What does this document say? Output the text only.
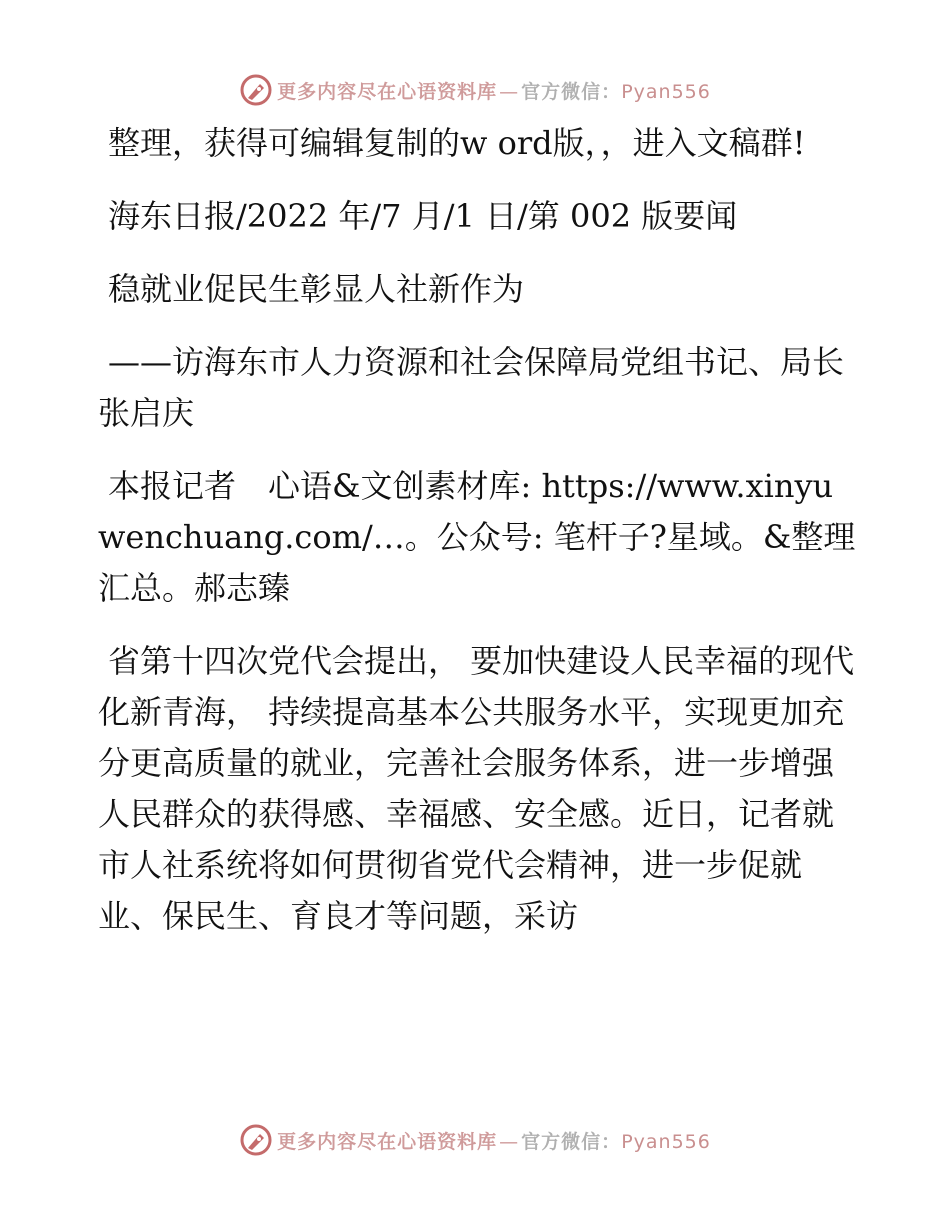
更多内容尽在心语资料库 — 官方微信：Pyan556

整理，获得可编辑复制的w ord版，，进入文稿群!

海东日报/2022 年/7 月/1 日/第 002 版要闻

稳就业促民生彰显人社新作为

——访海东市人力资源和社会保障局党组书记、局长张启庆

本报记者　心语&文创素材库: https://www.xinyuwenchuang.com/…。公众号: 笔杆子?星域。&整理汇总。郝志臻

省第十四次党代会提出， 要加快建设人民幸福的现代化新青海， 持续提高基本公共服务水平，实现更加充分更高质量的就业，完善社会服务体系，进一步增强人民群众的获得感、幸福感、安全感。近日，记者就市人社系统将如何贯彻省党代会精神，进一步促就业、保民生、育良才等问题，采访

更多内容尽在心语资料库 — 官方微信：Pyan556
